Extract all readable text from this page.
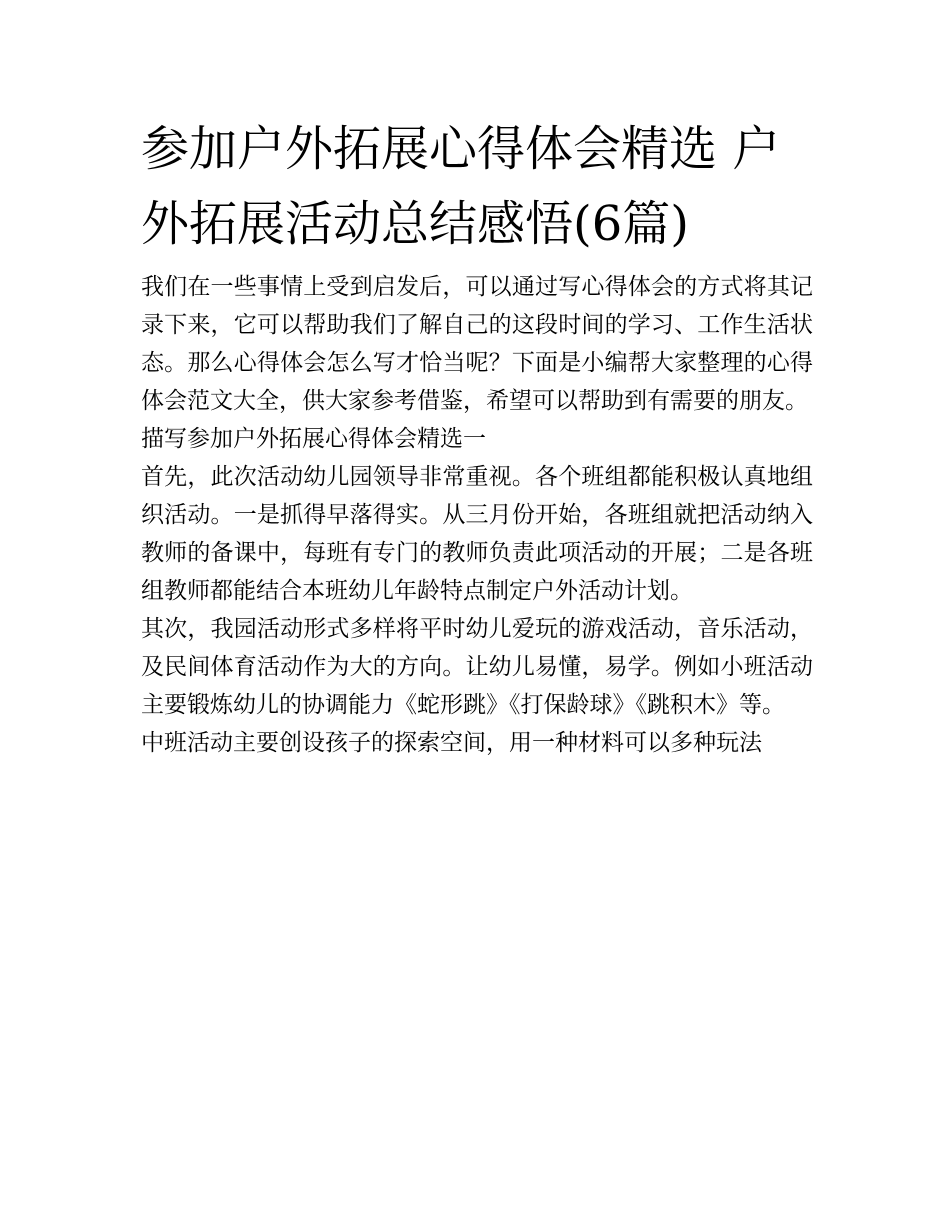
参加户外拓展心得体会精选 户外拓展活动总结感悟(6篇)

我们在一些事情上受到启发后，可以通过写心得体会的方式将其记录下来，它可以帮助我们了解自己的这段时间的学习、工作生活状态。那么心得体会怎么写才恰当呢？下面是小编帮大家整理的心得体会范文大全，供大家参考借鉴，希望可以帮助到有需要的朋友。

描写参加户外拓展心得体会精选一

首先，此次活动幼儿园领导非常重视。各个班组都能积极认真地组织活动。一是抓得早落得实。从三月份开始，各班组就把活动纳入教师的备课中，每班有专门的教师负责此项活动的开展；二是各班组教师都能结合本班幼儿年龄特点制定户外活动计划。

其次，我园活动形式多样将平时幼儿爱玩的游戏活动，音乐活动，及民间体育活动作为大的方向。让幼儿易懂，易学。例如小班活动主要锻炼幼儿的协调能力《蛇形跳》《打保龄球》《跳积木》等。

中班活动主要创设孩子的探索空间，用一种材料可以多种玩法
